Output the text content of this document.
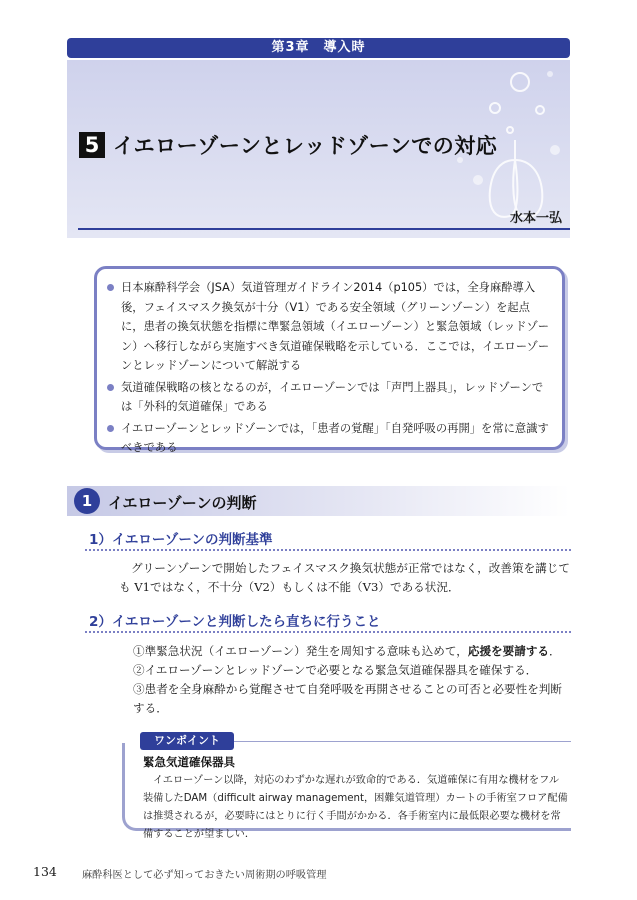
第3章　導入時
5 イエローゾーンとレッドゾーンでの対応
水本一弘
日本麻酔科学会（JSA）気道管理ガイドライン2014（p105）では，全身麻酔導入後，フェイスマスク換気が十分（V1）である安全領域（グリーンゾーン）を起点に，患者の換気状態を指標に準緊急領域（イエローゾーン）と緊急領域（レッドゾーン）へ移行しながら実施すべき気道確保戦略を示している．ここでは，イエローゾーンとレッドゾーンについて解説する
気道確保戦略の核となるのが，イエローゾーンでは「声門上器具」，レッドゾーンでは「外科的気道確保」である
イエローゾーンとレッドゾーンでは，「患者の覚醒」「自発呼吸の再開」を常に意識すべきである
1	イエローゾーンの判断
1）イエローゾーンの判断基準
グリーンゾーンで開始したフェイスマスク換気状態が正常ではなく，改善策を講じても V1ではなく，不十分（V2）もしくは不能（V3）である状況．
2）イエローゾーンと判断したら直ちに行うこと
①準緊急状況（イエローゾーン）発生を周知する意味も込めて，応援を要請する．
②イエローゾーンとレッドゾーンで必要となる緊急気道確保器具を確保する．
③患者を全身麻酔から覚醒させて自発呼吸を再開させることの可否と必要性を判断する．
ワンポイント
緊急気道確保器具
イエローゾーン以降，対応のわずかな遅れが致命的である．気道確保に有用な機材をフル装備したDAM（difficult airway management，困難気道管理）カートの手術室フロア配備は推奨されるが，必要時にはとりに行く手間がかかる．各手術室内に最低限必要な機材を常備することが望ましい．
134 麻酔科医として必ず知っておきたい周術期の呼吸管理
